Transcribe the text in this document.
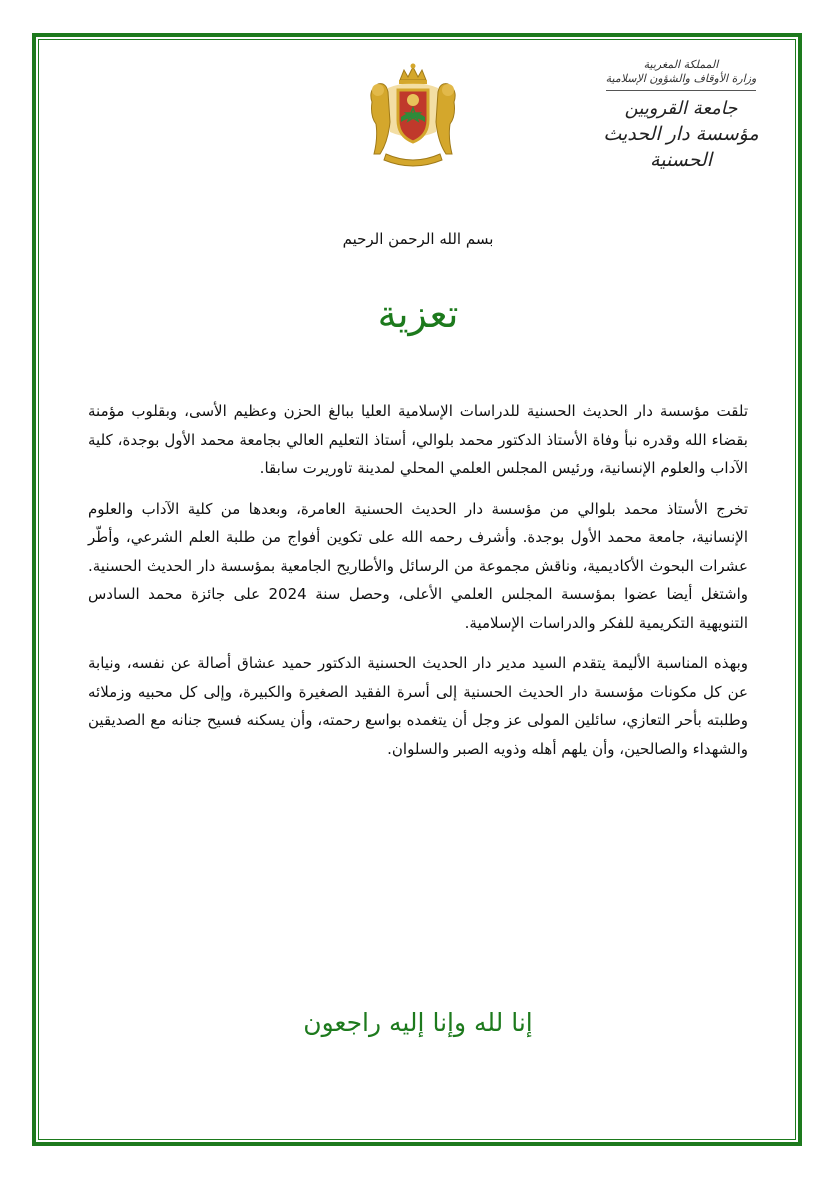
المملكة المغربية
وزارة الأوقاف والشؤون الإسلامية
جامعة القرويين
مؤسسة دار الحديث الحسنية
بسم الله الرحمن الرحيم
تعزية

تلقت مؤسسة دار الحديث الحسنية للدراسات الإسلامية العليا ببالغ الحزن وعظيم الأسى، وبقلوب مؤمنة بقضاء الله وقدره نبأ وفاة الأستاذ الدكتور محمد بلوالي، أستاذ التعليم العالي بجامعة محمد الأول بوجدة، كلية الآداب والعلوم الإنسانية، ورئيس المجلس العلمي المحلي لمدينة تاوريرت سابقا.

تخرج الأستاذ محمد بلوالي من مؤسسة دار الحديث الحسنية العامرة، وبعدها من كلية الآداب والعلوم الإنسانية، جامعة محمد الأول بوجدة. وأشرف رحمه الله على تكوين أفواج من طلبة العلم الشرعي، وأطّر عشرات البحوث الأكاديمية، وناقش مجموعة من الرسائل والأطاريح الجامعية بمؤسسة دار الحديث الحسنية. واشتغل أيضا عضوا بمؤسسة المجلس العلمي الأعلى، وحصل سنة 2024 على جائزة محمد السادس التنويهية التكريمية للفكر والدراسات الإسلامية.

وبهذه المناسبة الأليمة يتقدم السيد مدير دار الحديث الحسنية الدكتور حميد عشاق أصالة عن نفسه، ونيابة عن كل مكونات مؤسسة دار الحديث الحسنية إلى أسرة الفقيد الصغيرة والكبيرة، وإلى كل محبيه وزملائه وطلبته بأحر التعازي، سائلين المولى عز وجل أن يتغمده بواسع رحمته، وأن يسكنه فسيح جنانه مع الصديقين والشهداء والصالحين، وأن يلهم أهله وذويه الصبر والسلوان.

إنا لله وإنا إليه راجعون
